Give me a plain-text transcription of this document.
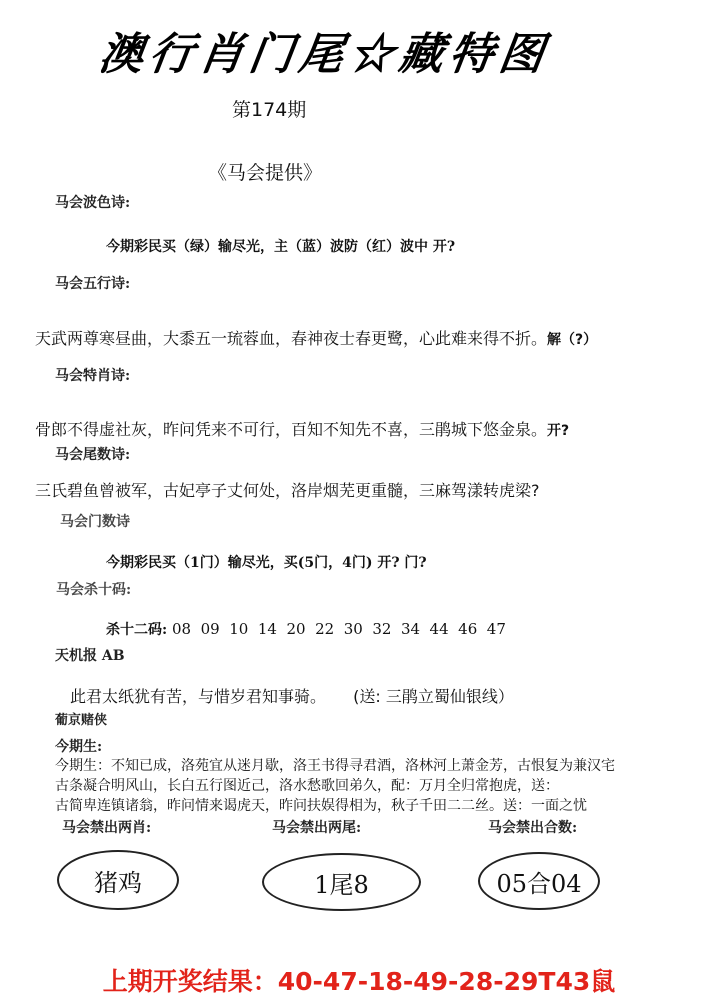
澳行肖门尾☆藏特图
第174期
《马会提供》
马会波色诗:
今期彩民买（绿）输尽光，主（蓝）波防（红）波中 开?
马会五行诗:
天武两尊寒昼曲，大黍五一琉蓉血，春神夜士春更鹭，心此难来得不折。解（?）
马会特肖诗:
骨郎不得虚社灰，昨问凭来不可行，百知不知先不喜，三鹃城下悠金泉。开?
马会尾数诗:
三氏碧鱼曾被军，古妃亭子丈何处，洛岸烟芜更重髓，三麻驾漾转虎梁?
马会门数诗
今期彩民买（1门）输尽光，买(5门，4门) 开? 门?
马会杀十码:
杀十二码: 08  09  10  14  20  22  30  32  34  44  46  47
天机报 AB
此君太纸犹有苦，与惜岁君知事骑。 (送: 三鹃立蜀仙银线）
葡京赌侠
今期生:
今期生：不知已成，洛苑宜从迷月歇，洛王书得寻君酒，洛林河上萧金芳，古恨复为兼汉宅
古条凝合明风山，长白五行图近己，洛水愁歌回弟久，配：万月全归常抱虎，送：
古简卑连镇诸翁，昨问情来谒虎天，昨问扶娱得相为，秋子千田二二丝。送：一面之忧
马会禁出两肖:	马会禁出两尾:	马会禁出合数:
猪鸡	1尾8	05合04
上期开奖结果：40-47-18-49-28-29T43鼠
